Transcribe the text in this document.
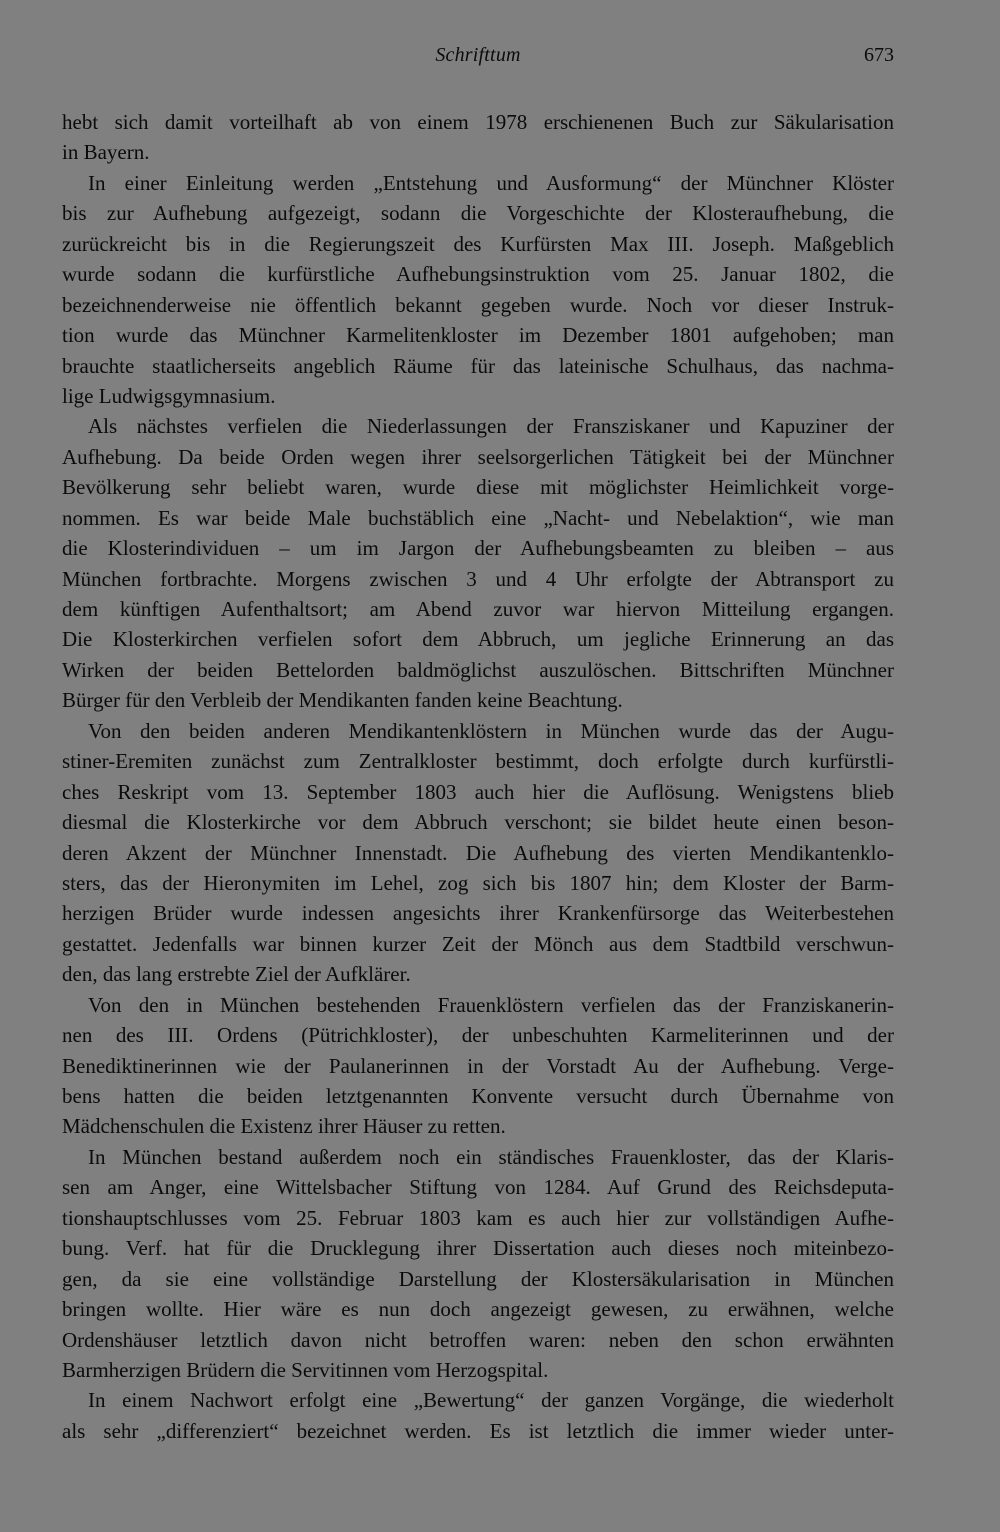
Schrifttum	673
hebt sich damit vorteilhaft ab von einem 1978 erschienenen Buch zur Säkularisation
in Bayern.
In einer Einleitung werden „Entstehung und Ausformung“ der Münchner Klöster
bis zur Aufhebung aufgezeigt, sodann die Vorgeschichte der Klosteraufhebung, die
zurückreicht bis in die Regierungszeit des Kurfürsten Max III. Joseph. Maßgeblich
wurde sodann die kurfürstliche Aufhebungsinstruktion vom 25. Januar 1802, die
bezeichnenderweise nie öffentlich bekannt gegeben wurde. Noch vor dieser Instruk-
tion wurde das Münchner Karmelitenkloster im Dezember 1801 aufgehoben; man
brauchte staatlicherseits angeblich Räume für das lateinische Schulhaus, das nachma-
lige Ludwigsgymnasium.
Als nächstes verfielen die Niederlassungen der Fransziskaner und Kapuziner der
Aufhebung. Da beide Orden wegen ihrer seelsorgerlichen Tätigkeit bei der Münchner
Bevölkerung sehr beliebt waren, wurde diese mit möglichster Heimlichkeit vorge-
nommen. Es war beide Male buchstäblich eine „Nacht- und Nebelaktion“, wie man
die Klosterindividuen – um im Jargon der Aufhebungsbeamten zu bleiben – aus
München fortbrachte. Morgens zwischen 3 und 4 Uhr erfolgte der Abtransport zu
dem künftigen Aufenthaltsort; am Abend zuvor war hiervon Mitteilung ergangen.
Die Klosterkirchen verfielen sofort dem Abbruch, um jegliche Erinnerung an das
Wirken der beiden Bettelorden baldmöglichst auszulöschen. Bittschriften Münchner
Bürger für den Verbleib der Mendikanten fanden keine Beachtung.
Von den beiden anderen Mendikantenklöstern in München wurde das der Augu-
stiner-Eremiten zunächst zum Zentralkloster bestimmt, doch erfolgte durch kurfürstli-
ches Reskript vom 13. September 1803 auch hier die Auflösung. Wenigstens blieb
diesmal die Klosterkirche vor dem Abbruch verschont; sie bildet heute einen beson-
deren Akzent der Münchner Innenstadt. Die Aufhebung des vierten Mendikantenklo-
sters, das der Hieronymiten im Lehel, zog sich bis 1807 hin; dem Kloster der Barm-
herzigen Brüder wurde indessen angesichts ihrer Krankenfürsorge das Weiterbestehen
gestattet. Jedenfalls war binnen kurzer Zeit der Mönch aus dem Stadtbild verschwun-
den, das lang erstrebte Ziel der Aufklärer.
Von den in München bestehenden Frauenklöstern verfielen das der Franziskanerin-
nen des III. Ordens (Pütrichkloster), der unbeschuhten Karmeliterinnen und der
Benediktinerinnen wie der Paulanerinnen in der Vorstadt Au der Aufhebung. Verge-
bens hatten die beiden letztgenannten Konvente versucht durch Übernahme von
Mädchenschulen die Existenz ihrer Häuser zu retten.
In München bestand außerdem noch ein ständisches Frauenkloster, das der Klaris-
sen am Anger, eine Wittelsbacher Stiftung von 1284. Auf Grund des Reichsdeputa-
tionshauptschlusses vom 25. Februar 1803 kam es auch hier zur vollständigen Aufhe-
bung. Verf. hat für die Drucklegung ihrer Dissertation auch dieses noch miteinbezo-
gen, da sie eine vollständige Darstellung der Klostersäkularisation in München
bringen wollte. Hier wäre es nun doch angezeigt gewesen, zu erwähnen, welche
Ordenshäuser letztlich davon nicht betroffen waren: neben den schon erwähnten
Barmherzigen Brüdern die Servitinnen vom Herzogspital.
In einem Nachwort erfolgt eine „Bewertung“ der ganzen Vorgänge, die wiederholt
als sehr „differenziert“ bezeichnet werden. Es ist letztlich die immer wieder unter-
